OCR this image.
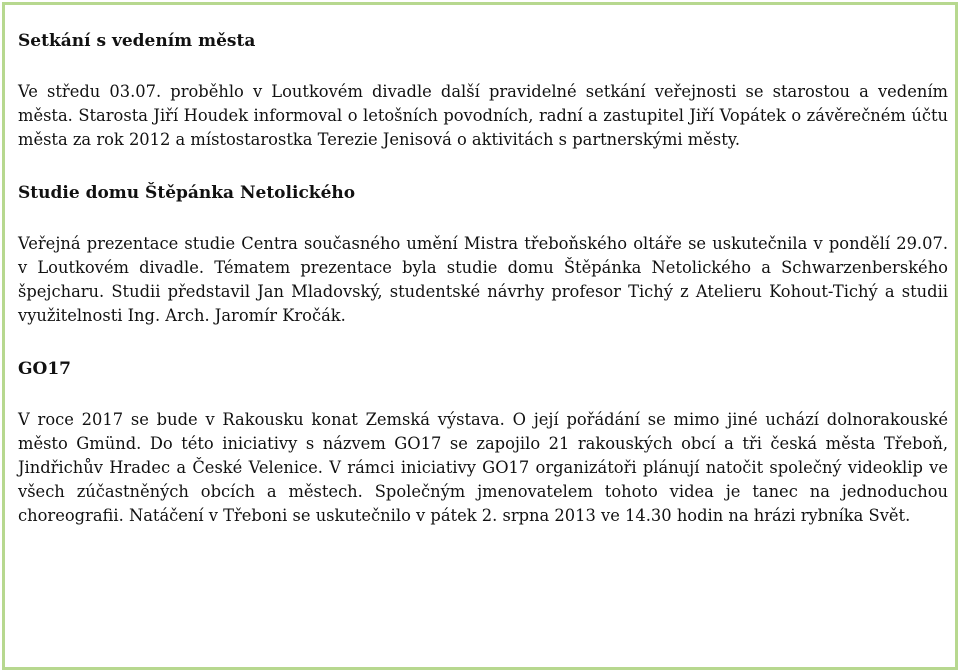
Setkání s vedením města

Ve středu 03.07. proběhlo v Loutkovém divadle další pravidelné setkání veřejnosti se starostou a vedením města. Starosta Jiří Houdek informoval o letošních povodních, radní a zastupitel Jiří Vopátek o závěrečném účtu města za rok 2012 a místostarostka Terezie Jenisová o aktivitách s partnerskými městy.

Studie domu Štěpánka Netolického

Veřejná prezentace studie Centra současného umění Mistra třeboňského oltáře se uskutečnila v pondělí 29.07. v Loutkovém divadle. Tématem prezentace byla studie domu Štěpánka Netolického a Schwarzenberského špejcharu. Studii představil Jan Mladovský, studentské návrhy profesor Tichý z Atelieru Kohout-Tichý a studii využitelnosti Ing. Arch. Jaromír Kročák.

GO17

V roce 2017 se bude v Rakousku konat Zemská výstava. O její pořádání se mimo jiné uchází dolnorakouské město Gmünd. Do této iniciativy s názvem GO17 se zapojilo 21 rakouských obcí a tři česká města Třeboň, Jindřichův Hradec a České Velenice. V rámci iniciativy GO17 organizátoři plánují natočit společný videoklip ve všech zúčastněných obcích a městech. Společným jmenovatelem tohoto videa je tanec na jednoduchou choreografii. Natáčení v Třeboni se uskutečnilo v pátek 2. srpna 2013 ve 14.30 hodin na hrázi rybníka Svět.
